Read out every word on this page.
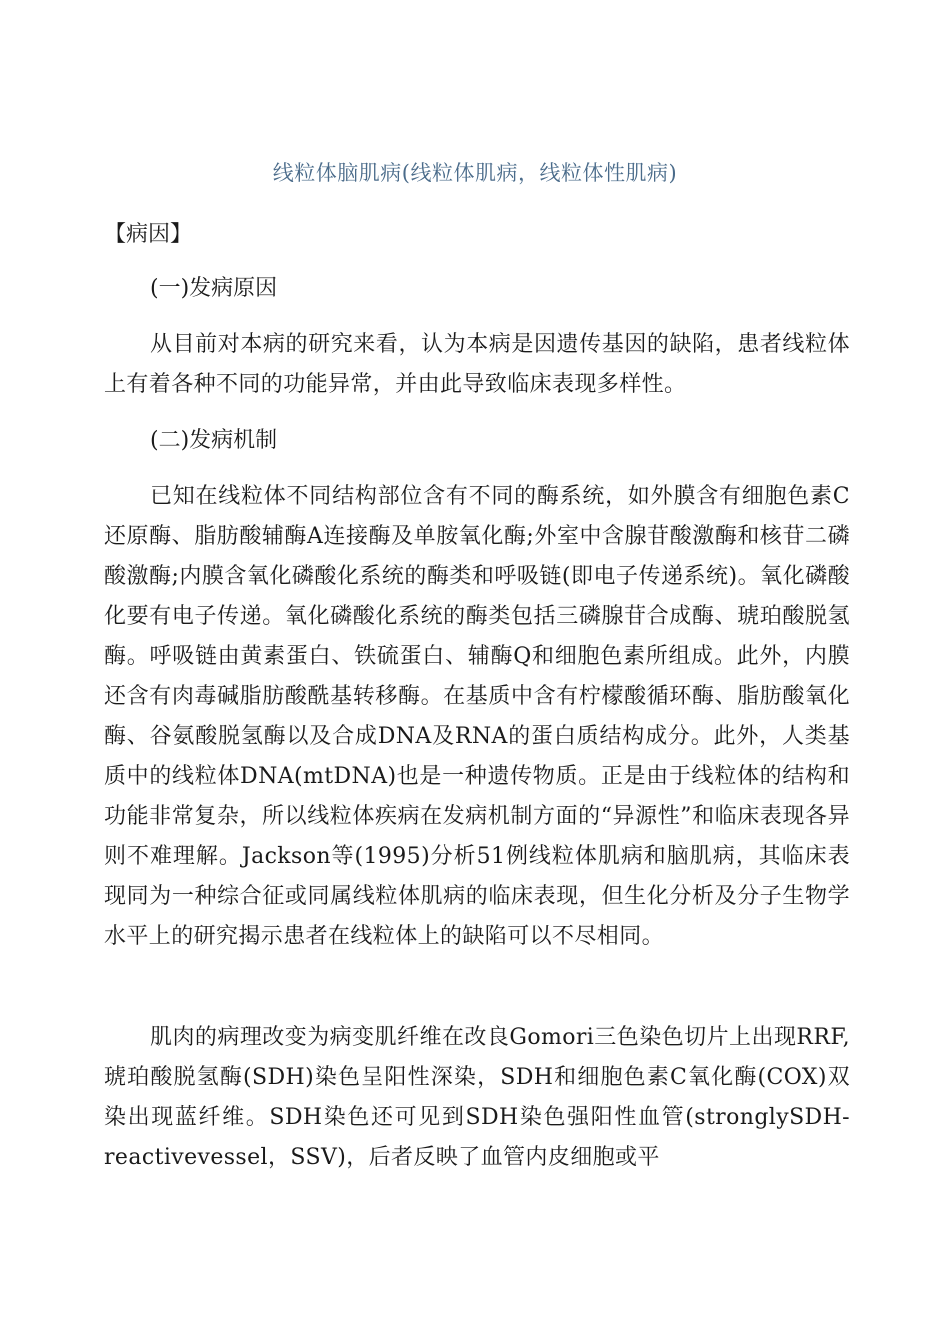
线粒体脑肌病(线粒体肌病，线粒体性肌病)
【病因】
(一)发病原因

从目前对本病的研究来看，认为本病是因遗传基因的缺陷，患者线粒体上有着各种不同的功能异常，并由此导致临床表现多样性。

(二)发病机制

已知在线粒体不同结构部位含有不同的酶系统，如外膜含有细胞色素C还原酶、脂肪酸辅酶A连接酶及单胺氧化酶;外室中含腺苷酸激酶和核苷二磷酸激酶;内膜含氧化磷酸化系统的酶类和呼吸链(即电子传递系统)。氧化磷酸化要有电子传递。氧化磷酸化系统的酶类包括三磷腺苷合成酶、琥珀酸脱氢酶。呼吸链由黄素蛋白、铁硫蛋白、辅酶Q和细胞色素所组成。此外，内膜还含有肉毒碱脂肪酸酰基转移酶。在基质中含有柠檬酸循环酶、脂肪酸氧化酶、谷氨酸脱氢酶以及合成DNA及RNA的蛋白质结构成分。此外，人类基质中的线粒体DNA(mtDNA)也是一种遗传物质。正是由于线粒体的结构和功能非常复杂，所以线粒体疾病在发病机制方面的“异源性”和临床表现各异则不难理解。Jackson等(1995)分析51例线粒体肌病和脑肌病，其临床表现同为一种综合征或同属线粒体肌病的临床表现，但生化分析及分子生物学水平上的研究揭示患者在线粒体上的缺陷可以不尽相同。

肌肉的病理改变为病变肌纤维在改良Gomori三色染色切片上出现RRF,琥珀酸脱氢酶(SDH)染色呈阳性深染，SDH和细胞色素C氧化酶(COX)双染出现蓝纤维。SDH染色还可见到SDH染色强阳性血管(stronglySDH-reactivevessel，SSV)，后者反映了血管内皮细胞或平
